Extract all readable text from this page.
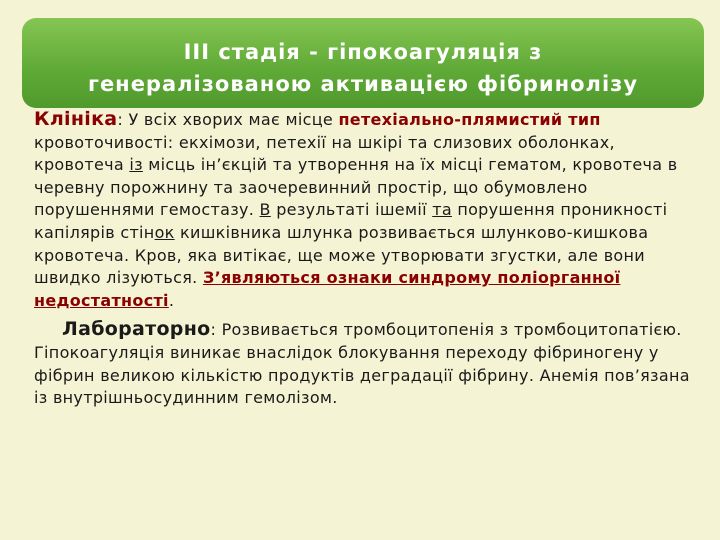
ІІІ стадія - гіпокоагуляція з
генералізованою активацією фібринолізу

Клініка: У всіх хворих має місце петехіально-плямистий тип кровоточивості: екхімози, петехії на шкірі та слизових оболонках, кровотеча із місць ін’єкцій та утворення на їх місці гематом, кровотеча в черевну порожнину та заочеревинний простір, що обумовлено порушеннями гемостазу. В результаті ішемії та порушення проникності капілярів стінок кишківника шлунка розвивається шлунково-кишкова кровотеча. Кров, яка витікає, ще може утворювати згустки, але вони швидко лізуються. З’являються ознаки синдрому поліорганної недостатності.

Лабораторно: Розвивається тромбоцитопенія з тромбоцитопатією. Гіпокоагуляція виникає внаслідок блокування переходу фібриногену у фібрин великою кількістю продуктів деградації фібрину. Анемія пов’язана із внутрішньосудинним гемолізом.
